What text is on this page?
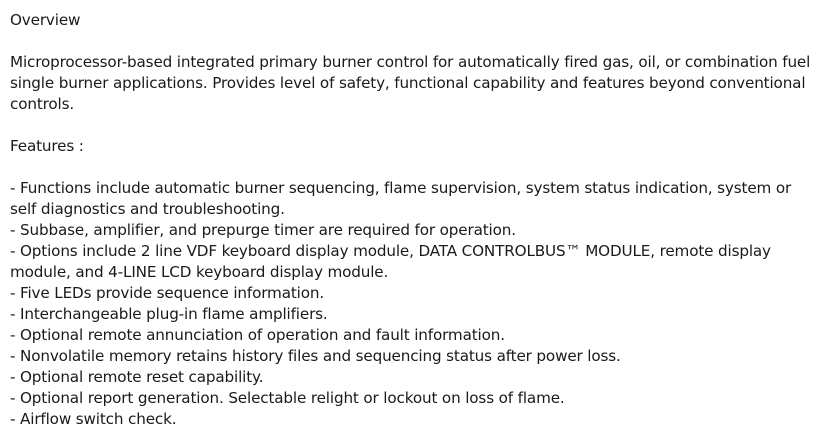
Overview

Microprocessor-based integrated primary burner control for automatically fired gas, oil, or combination fuel single burner applications. Provides level of safety, functional capability and features beyond conventional controls.

Features :

- Functions include automatic burner sequencing, flame supervision, system status indication, system or self diagnostics and troubleshooting.
- Subbase, amplifier, and prepurge timer are required for operation.
- Options include 2 line VDF keyboard display module, DATA CONTROLBUS™ MODULE, remote display module, and 4-LINE LCD keyboard display module.
- Five LEDs provide sequence information.
- Interchangeable plug-in flame amplifiers.
- Optional remote annunciation of operation and fault information.
- Nonvolatile memory retains history files and sequencing status after power loss.
- Optional remote reset capability.
- Optional report generation. Selectable relight or lockout on loss of flame.
- Airflow switch check.
